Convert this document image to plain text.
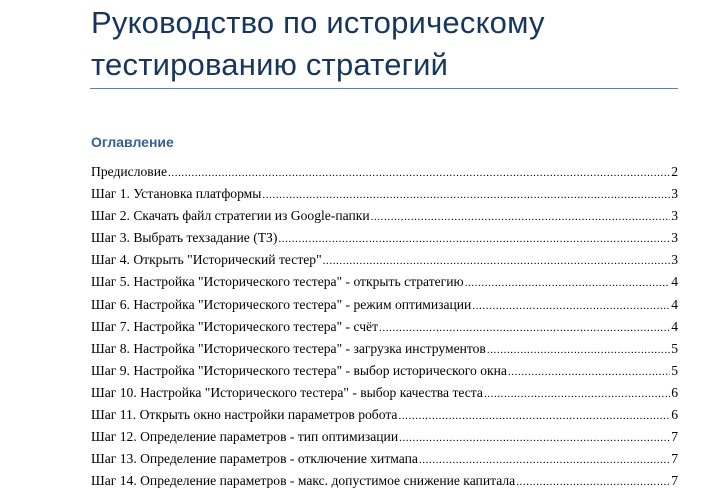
Руководство по историческому
тестированию стратегий
Оглавление
Предисловие .....	2
Шаг 1. Установка платформы .....	3
Шаг 2. Скачать файл стратегии из Google-папки .....	3
Шаг 3. Выбрать техзадание (ТЗ) .....	3
Шаг 4. Открыть "Исторический тестер" .....	3
Шаг 5. Настройка "Исторического тестера" - открыть стратегию .....	4
Шаг 6. Настройка "Исторического тестера" - режим оптимизации .....	4
Шаг 7. Настройка "Исторического тестера" - счёт .....	4
Шаг 8. Настройка "Исторического тестера" - загрузка инструментов .....	5
Шаг 9. Настройка "Исторического тестера" - выбор исторического окна .....	5
Шаг 10. Настройка "Исторического тестера" - выбор качества теста .....	6
Шаг 11. Открыть окно настройки параметров робота .....	6
Шаг 12. Определение параметров - тип оптимизации .....	7
Шаг 13. Определение параметров - отключение хитмапа .....	7
Шаг 14. Определение параметров - макс. допустимое снижение капитала .....	7
